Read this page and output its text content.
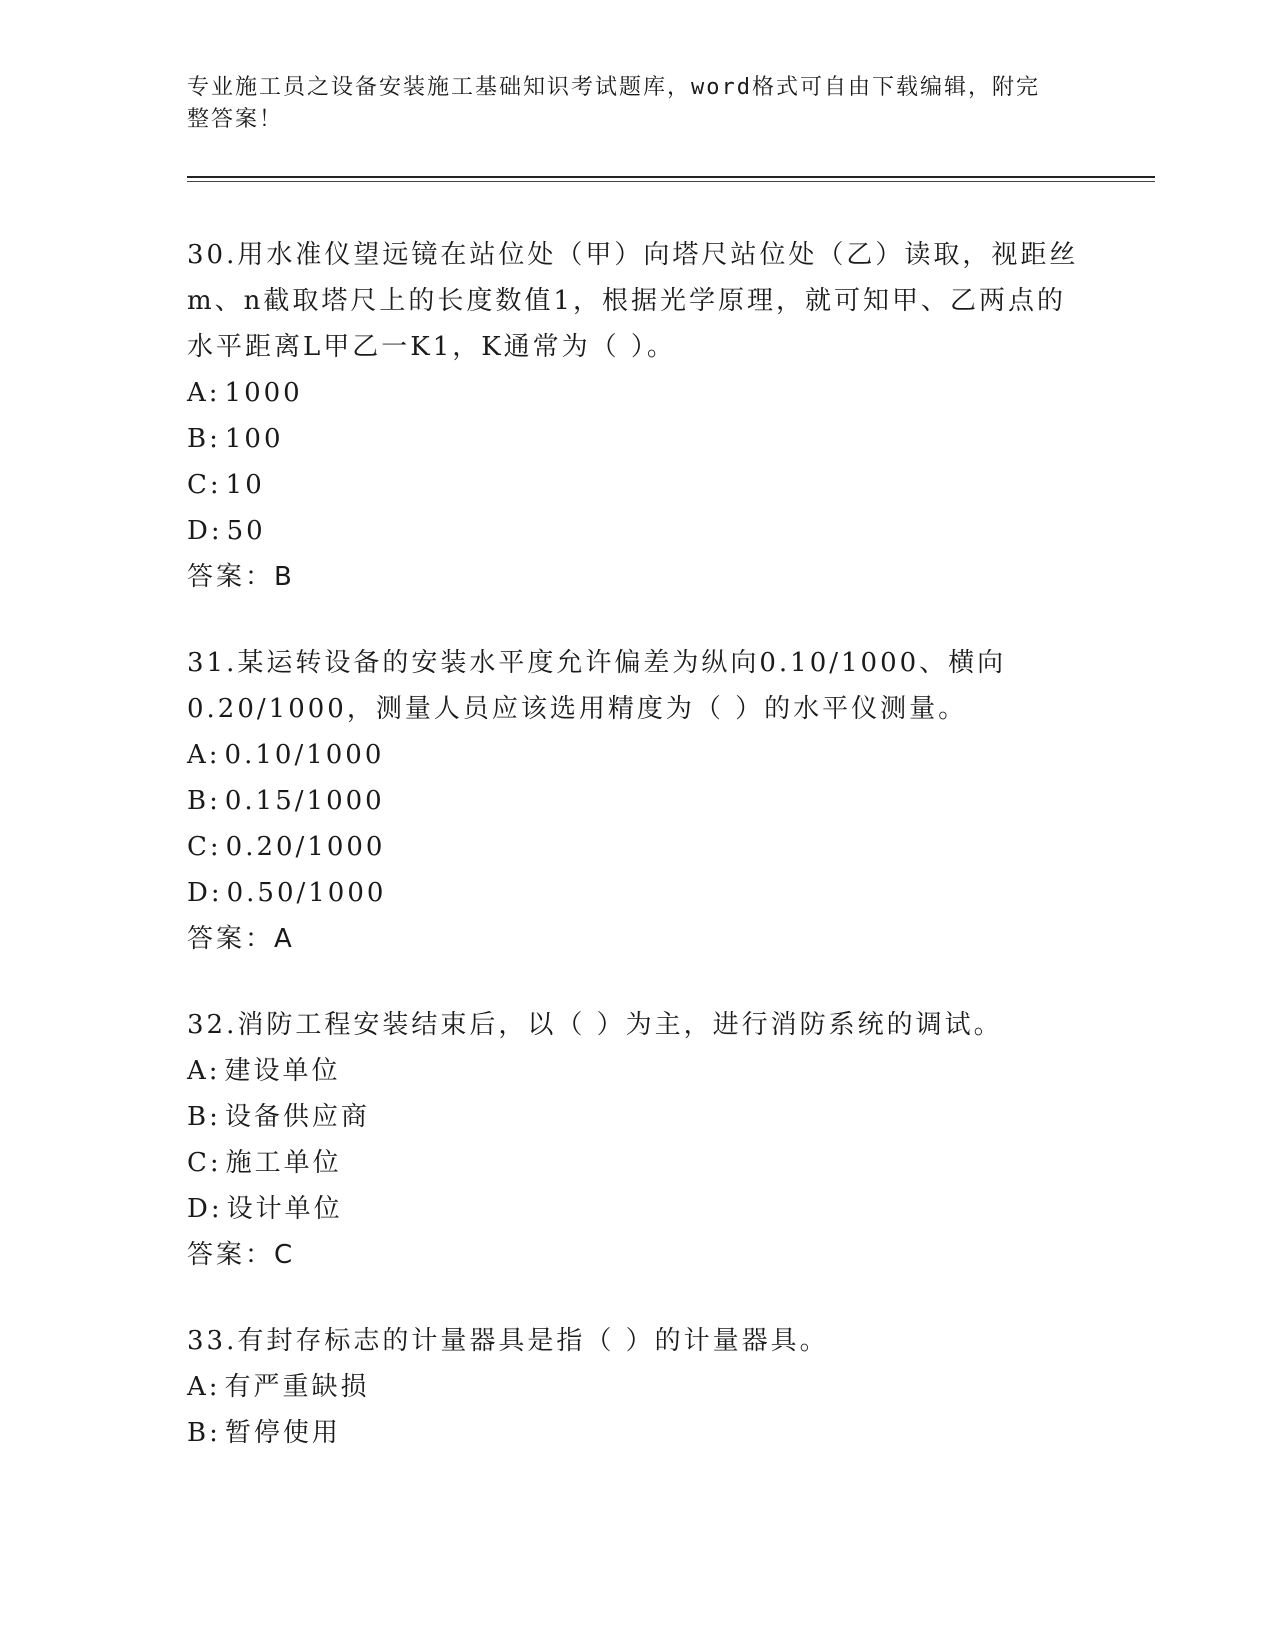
专业施工员之设备安装施工基础知识考试题库，word格式可自由下载编辑，附完
整答案！
30.用水准仪望远镜在站位处（甲）向塔尺站位处（乙）读取，视距丝
m、n截取塔尺上的长度数值1，根据光学原理，就可知甲、乙两点的
水平距离L甲乙一K1，K通常为（ ）。
A: 1000
B: 100
C: 10
D: 50
答案：B
31.某运转设备的安装水平度允许偏差为纵向0.10/1000、横向
0.20/1000，测量人员应该选用精度为（ ）的水平仪测量。
A: 0.10/1000
B: 0.15/1000
C: 0.20/1000
D: 0.50/1000
答案：A
32.消防工程安装结束后，以（ ）为主，进行消防系统的调试。
A: 建设单位
B: 设备供应商
C: 施工单位
D: 设计单位
答案：C
33.有封存标志的计量器具是指（ ）的计量器具。
A: 有严重缺损
B: 暂停使用
